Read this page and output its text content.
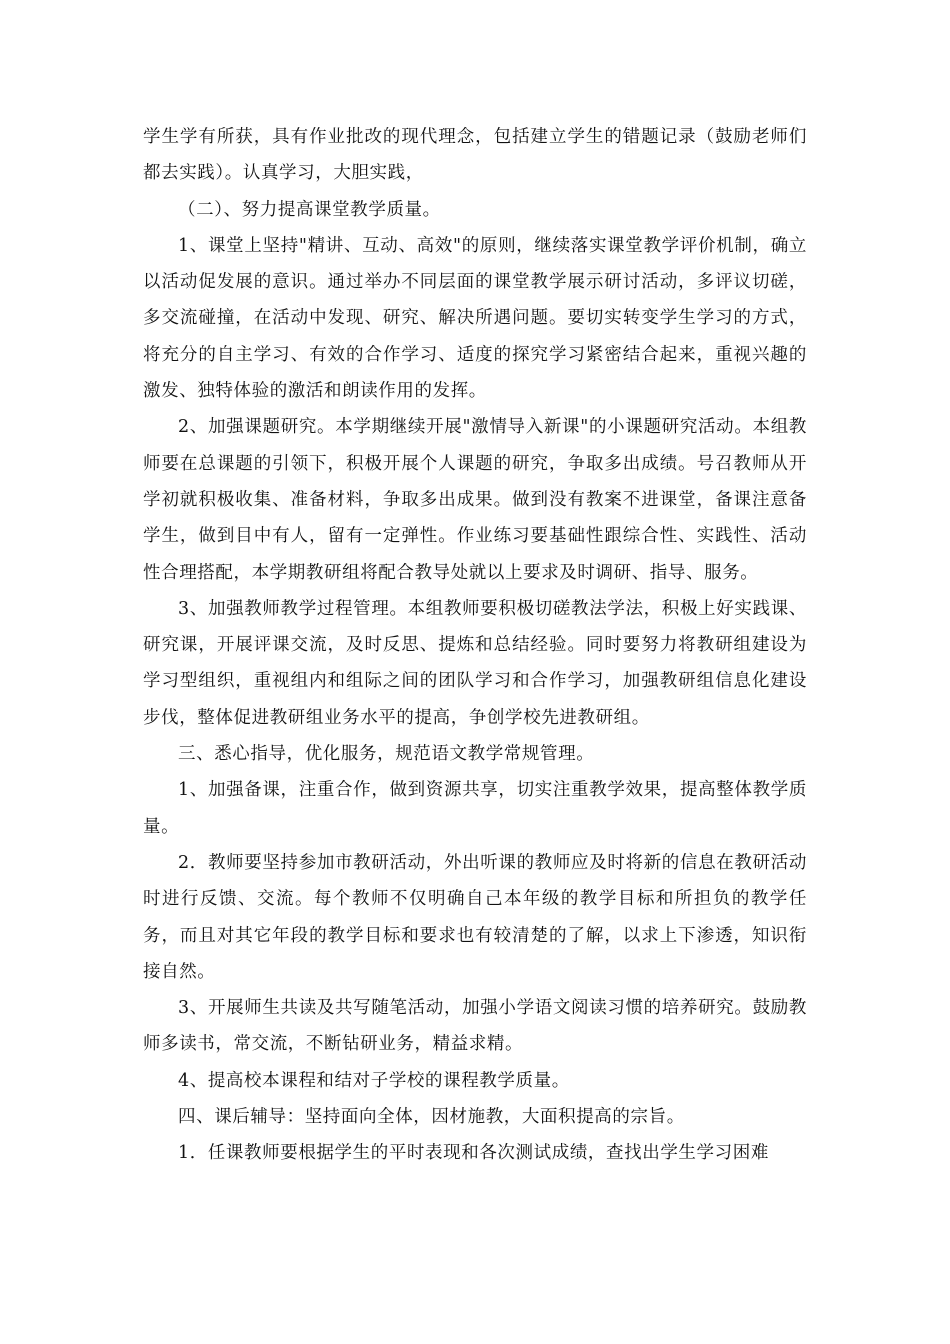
学生学有所获，具有作业批改的现代理念，包括建立学生的错题记录（鼓励老师们都去实践）。认真学习，大胆实践，

（二）、努力提高课堂教学质量。

1、课堂上坚持"精讲、互动、高效"的原则，继续落实课堂教学评价机制，确立以活动促发展的意识。通过举办不同层面的课堂教学展示研讨活动，多评议切磋，多交流碰撞，在活动中发现、研究、解决所遇问题。要切实转变学生学习的方式，将充分的自主学习、有效的合作学习、适度的探究学习紧密结合起来，重视兴趣的激发、独特体验的激活和朗读作用的发挥。

2、加强课题研究。本学期继续开展"激情导入新课"的小课题研究活动。本组教师要在总课题的引领下，积极开展个人课题的研究，争取多出成绩。号召教师从开学初就积极收集、准备材料，争取多出成果。做到没有教案不进课堂，备课注意备学生，做到目中有人，留有一定弹性。作业练习要基础性跟综合性、实践性、活动性合理搭配，本学期教研组将配合教导处就以上要求及时调研、指导、服务。

3、加强教师教学过程管理。本组教师要积极切磋教法学法，积极上好实践课、研究课，开展评课交流，及时反思、提炼和总结经验。同时要努力将教研组建设为学习型组织，重视组内和组际之间的团队学习和合作学习，加强教研组信息化建设步伐，整体促进教研组业务水平的提高，争创学校先进教研组。

三、悉心指导，优化服务，规范语文教学常规管理。

1、加强备课，注重合作，做到资源共享，切实注重教学效果，提高整体教学质量。

2．教师要坚持参加市教研活动，外出听课的教师应及时将新的信息在教研活动时进行反馈、交流。每个教师不仅明确自己本年级的教学目标和所担负的教学任务，而且对其它年段的教学目标和要求也有较清楚的了解，以求上下渗透，知识衔接自然。

3、开展师生共读及共写随笔活动，加强小学语文阅读习惯的培养研究。鼓励教师多读书，常交流，不断钻研业务，精益求精。

4、提高校本课程和结对子学校的课程教学质量。

四、课后辅导：坚持面向全体，因材施教，大面积提高的宗旨。

1．任课教师要根据学生的平时表现和各次测试成绩，查找出学生学习困难
